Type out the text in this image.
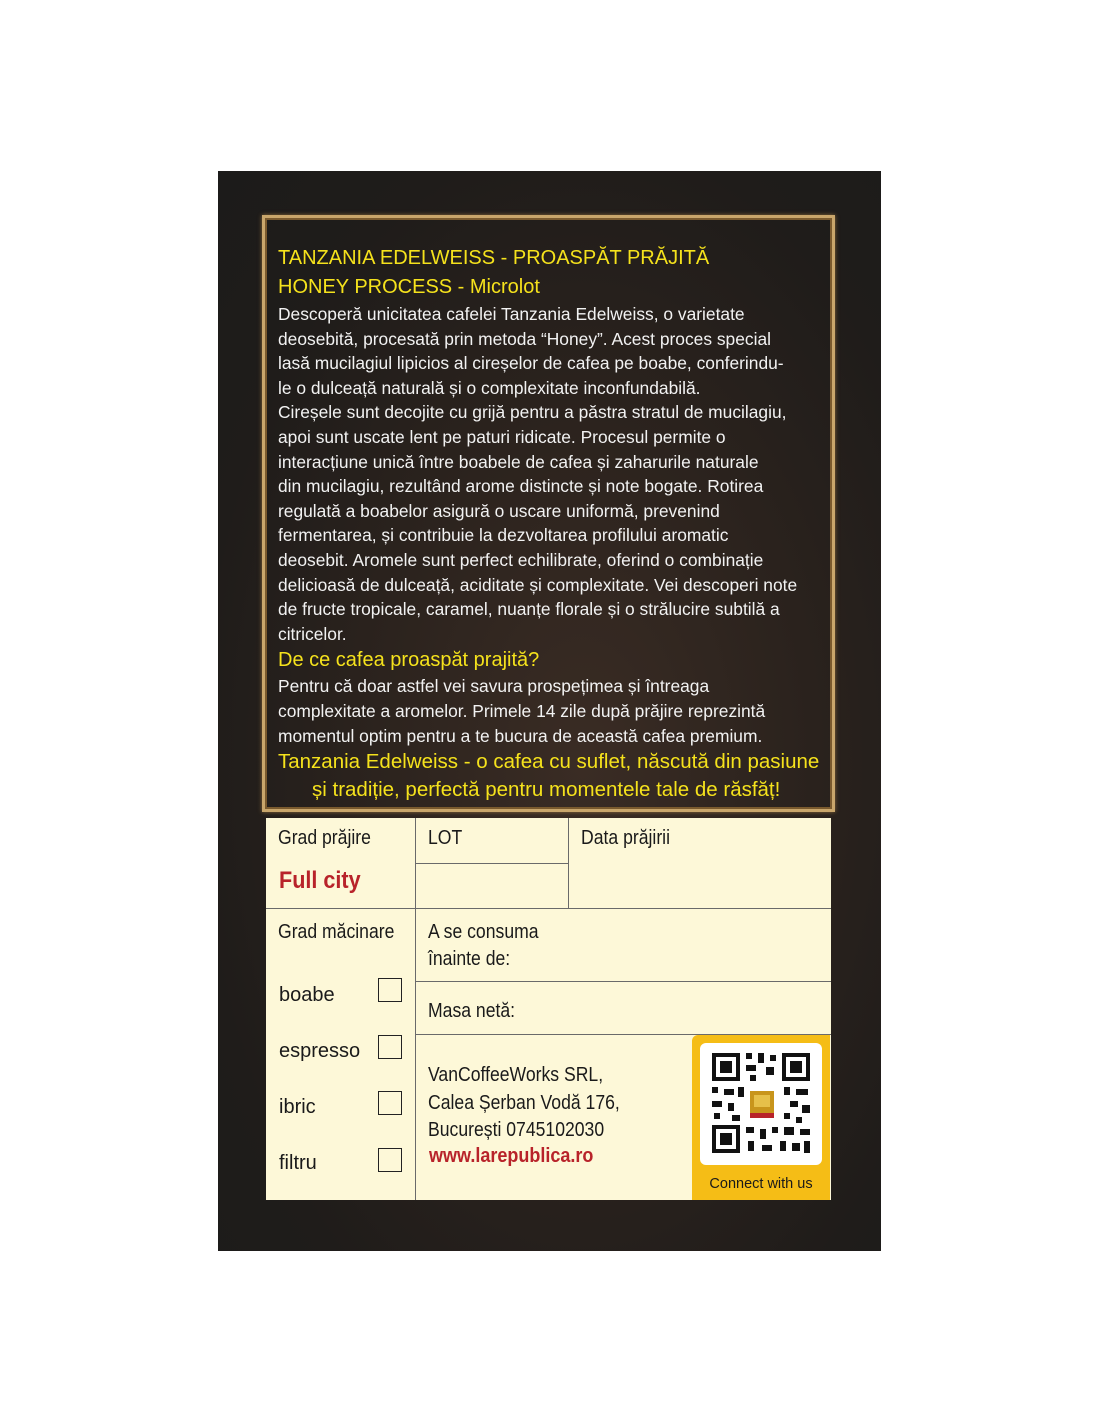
TANZANIA EDELWEISS - PROASPĂT PRĂJITĂ
HONEY PROCESS - Microlot

Descoperă unicitatea cafelei Tanzania Edelweiss, o varietate

deosebită, procesată prin metoda “Honey”. Acest proces special

lasă mucilagiul lipicios al cireșelor de cafea pe boabe, conferindu-

le o dulceață naturală și o complexitate inconfundabilă.

Cireșele sunt decojite cu grijă pentru a păstra stratul de mucilagiu,

apoi sunt uscate lent pe paturi ridicate. Procesul permite o

interacțiune unică între boabele de cafea și zaharurile naturale

din mucilagiu, rezultând arome distincte și note bogate. Rotirea

regulată a boabelor asigură o uscare uniformă, prevenind

fermentarea, și contribuie la dezvoltarea profilului aromatic

deosebit. Aromele sunt perfect echilibrate, oferind o combinație

delicioasă de dulceață, aciditate și complexitate. Vei descoperi note

de fructe tropicale, caramel, nuanțe florale și o strălucire subtilă a

citricelor.

De ce cafea proaspăt prajită?

Pentru că doar astfel vei savura prospețimea și întreaga

complexitate a aromelor. Primele 14 zile după prăjire reprezintă

momentul optim pentru a te bucura de această cafea premium.

Tanzania Edelweiss - o cafea cu suflet, născută din pasiune
și tradiție, perfectă pentru momentele tale de răsfăț!
Grad prăjire
Full city
LOT	Data prăjirii
Grad măcinare
boabe
espresso
ibric
filtru
A se consuma
înainte de:
Masa netă:
VanCoffeeWorks SRL,
Calea Șerban Vodă 176,
București 0745102030
www.larepublica.ro
Connect with us
